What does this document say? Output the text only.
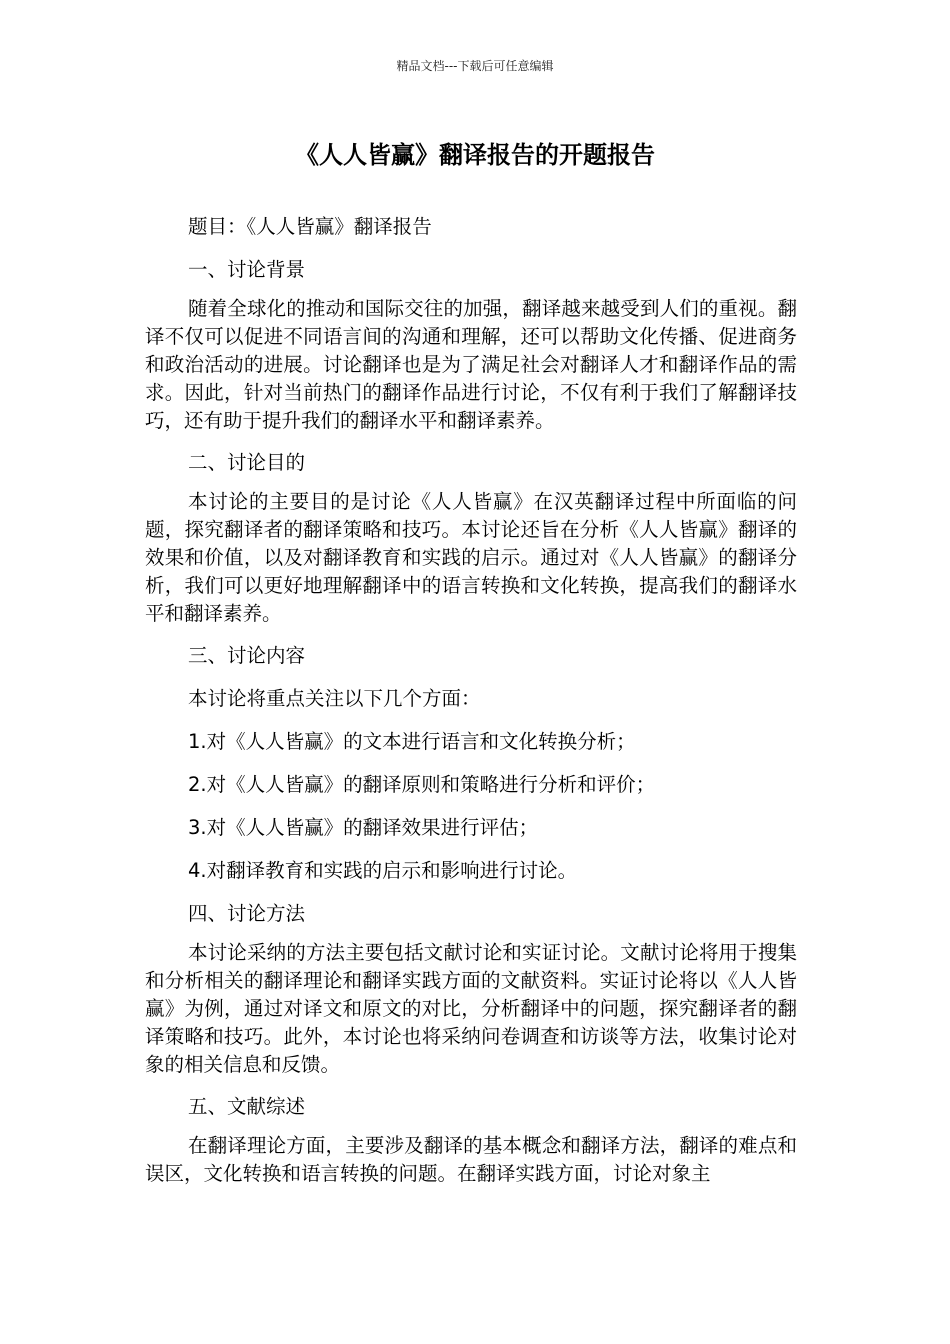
精品文档---下载后可任意编辑
《人人皆赢》翻译报告的开题报告

题目：《人人皆赢》翻译报告

一、讨论背景

随着全球化的推动和国际交往的加强，翻译越来越受到人们的重视。翻译不仅可以促进不同语言间的沟通和理解，还可以帮助文化传播、促进商务和政治活动的进展。讨论翻译也是为了满足社会对翻译人才和翻译作品的需求。因此，针对当前热门的翻译作品进行讨论，不仅有利于我们了解翻译技巧，还有助于提升我们的翻译水平和翻译素养。

二、讨论目的

本讨论的主要目的是讨论《人人皆赢》在汉英翻译过程中所面临的问题，探究翻译者的翻译策略和技巧。本讨论还旨在分析《人人皆赢》翻译的效果和价值，以及对翻译教育和实践的启示。通过对《人人皆赢》的翻译分析，我们可以更好地理解翻译中的语言转换和文化转换，提高我们的翻译水平和翻译素养。

三、讨论内容

本讨论将重点关注以下几个方面：

1.对《人人皆赢》的文本进行语言和文化转换分析；

2.对《人人皆赢》的翻译原则和策略进行分析和评价；

3.对《人人皆赢》的翻译效果进行评估；

4.对翻译教育和实践的启示和影响进行讨论。

四、讨论方法

本讨论采纳的方法主要包括文献讨论和实证讨论。文献讨论将用于搜集和分析相关的翻译理论和翻译实践方面的文献资料。实证讨论将以《人人皆赢》为例，通过对译文和原文的对比，分析翻译中的问题，探究翻译者的翻译策略和技巧。此外，本讨论也将采纳问卷调查和访谈等方法，收集讨论对象的相关信息和反馈。

五、文献综述

在翻译理论方面，主要涉及翻译的基本概念和翻译方法，翻译的难点和误区，文化转换和语言转换的问题。在翻译实践方面，讨论对象主
